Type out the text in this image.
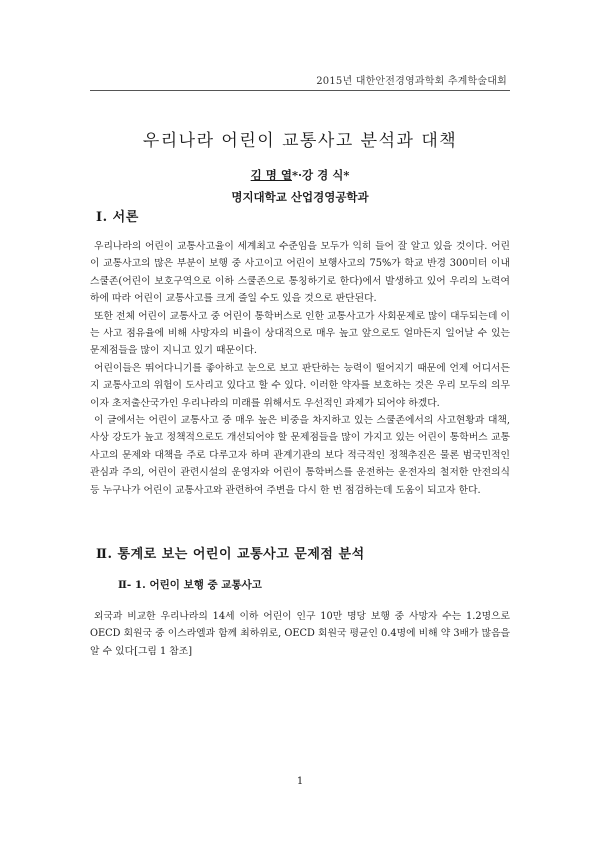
2015년 대한안전경영과학회 추계학술대회
우리나라 어린이 교통사고 분석과 대책
김 명 열*·강 경 식*
명지대학교 산업경영공학과
Ⅰ. 서론

우리나라의 어린이 교통사고율이 세계최고 수준임을 모두가 익히 들어 잘 알고 있을 것이다. 어린이 교통사고의 많은 부분이 보행 중 사고이고 어린이 보행사고의 75%가 학교 반경 300미터 이내 스쿨존(어린이 보호구역으로 이하 스쿨존으로 통칭하기로 한다)에서 발생하고 있어 우리의 노력여하에 따라 어린이 교통사고를 크게 줄일 수도 있을 것으로 판단된다.

또한 전체 어린이 교통사고 중 어린이 통학버스로 인한 교통사고가 사회문제로 많이 대두되는데 이는 사고 점유율에 비해 사망자의 비율이 상대적으로 매우 높고 앞으로도 얼마든지 일어날 수 있는 문제점들을 많이 지니고 있기 때문이다.

어린이들은 뛰어다니기를 좋아하고 눈으로 보고 판단하는 능력이 떨어지기 때문에 언제 어디서든지 교통사고의 위험이 도사리고 있다고 할 수 있다. 이러한 약자를 보호하는 것은 우리 모두의 의무이자 초저출산국가인 우리나라의 미래를 위해서도 우선적인 과제가 되어야 하겠다.

이 글에서는 어린이 교통사고 중 매우 높은 비중을 차지하고 있는 스쿨존에서의 사고현황과 대책, 사상 강도가 높고 정책적으로도 개선되어야 할 문제점들을 많이 가지고 있는 어린이 통학버스 교통사고의 문제와 대책을 주로 다루고자 하며 관계기관의 보다 적극적인 정책추진은 물론 범국민적인 관심과 주의, 어린이 관련시설의 운영자와 어린이 통학버스를 운전하는 운전자의 철저한 안전의식 등 누구나가 어린이 교통사고와 관련하여 주변을 다시 한 번 점검하는데 도움이 되고자 한다.

Ⅱ. 통계로 보는 어린이 교통사고 문제점 분석
Ⅱ- 1. 어린이 보행 중 교통사고

외국과 비교한 우리나라의 14세 이하 어린이 인구 10만 명당 보행 중 사망자 수는 1.2명으로 OECD 회원국 중 이스라엘과 함께 최하위로, OECD 회원국 평균인 0.4명에 비해 약 3배가 많음을 알 수 있다[그림 1 참조]

1
